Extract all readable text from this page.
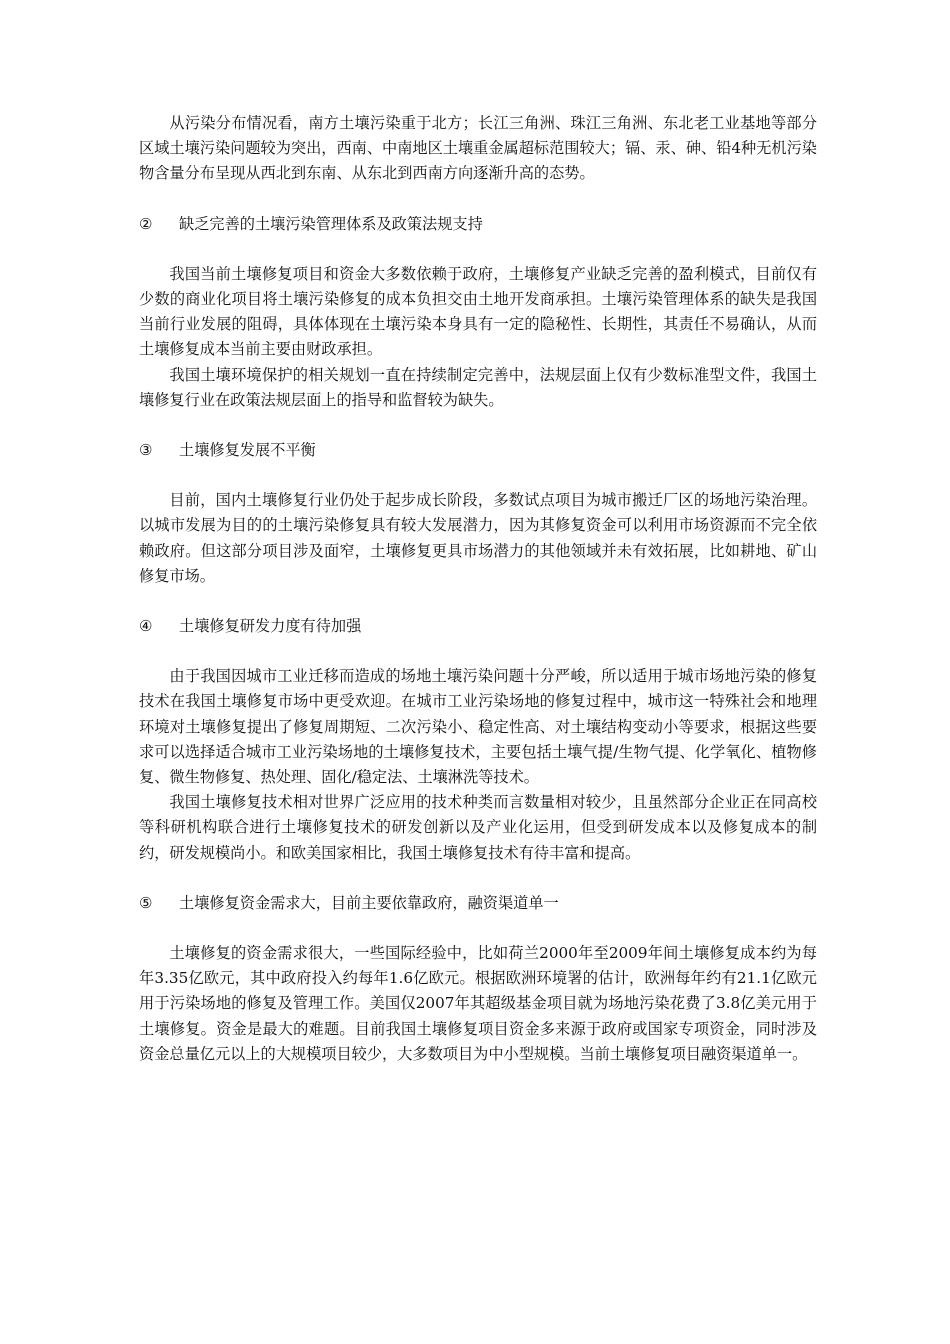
从污染分布情况看，南方土壤污染重于北方；长江三角洲、珠江三角洲、东北老工业基地等部分区域土壤污染问题较为突出，西南、中南地区土壤重金属超标范围较大；镉、汞、砷、铅4种无机污染物含量分布呈现从西北到东南、从东北到西南方向逐渐升高的态势。

②	缺乏完善的土壤污染管理体系及政策法规支持

我国当前土壤修复项目和资金大多数依赖于政府，土壤修复产业缺乏完善的盈利模式，目前仅有少数的商业化项目将土壤污染修复的成本负担交由土地开发商承担。土壤污染管理体系的缺失是我国当前行业发展的阻碍，具体体现在土壤污染本身具有一定的隐秘性、长期性，其责任不易确认，从而土壤修复成本当前主要由财政承担。

我国土壤环境保护的相关规划一直在持续制定完善中，法规层面上仅有少数标准型文件，我国土壤修复行业在政策法规层面上的指导和监督较为缺失。

③	土壤修复发展不平衡

目前，国内土壤修复行业仍处于起步成长阶段，多数试点项目为城市搬迁厂区的场地污染治理。以城市发展为目的的土壤污染修复具有较大发展潜力，因为其修复资金可以利用市场资源而不完全依赖政府。但这部分项目涉及面窄，土壤修复更具市场潜力的其他领域并未有效拓展，比如耕地、矿山修复市场。

④	土壤修复研发力度有待加强

由于我国因城市工业迁移而造成的场地土壤污染问题十分严峻，所以适用于城市场地污染的修复技术在我国土壤修复市场中更受欢迎。在城市工业污染场地的修复过程中，城市这一特殊社会和地理环境对土壤修复提出了修复周期短、二次污染小、稳定性高、对土壤结构变动小等要求，根据这些要求可以选择适合城市工业污染场地的土壤修复技术，主要包括土壤气提/生物气提、化学氧化、植物修复、微生物修复、热处理、固化/稳定法、土壤淋洗等技术。

我国土壤修复技术相对世界广泛应用的技术种类而言数量相对较少，且虽然部分企业正在同高校等科研机构联合进行土壤修复技术的研发创新以及产业化运用，但受到研发成本以及修复成本的制约，研发规模尚小。和欧美国家相比，我国土壤修复技术有待丰富和提高。

⑤	土壤修复资金需求大，目前主要依靠政府，融资渠道单一

土壤修复的资金需求很大，一些国际经验中，比如荷兰2000年至2009年间土壤修复成本约为每年3.35亿欧元，其中政府投入约每年1.6亿欧元。根据欧洲环境署的估计，欧洲每年约有21.1亿欧元用于污染场地的修复及管理工作。美国仅2007年其超级基金项目就为场地污染花费了3.8亿美元用于土壤修复。资金是最大的难题。目前我国土壤修复项目资金多来源于政府或国家专项资金，同时涉及资金总量亿元以上的大规模项目较少，大多数项目为中小型规模。当前土壤修复项目融资渠道单一。
